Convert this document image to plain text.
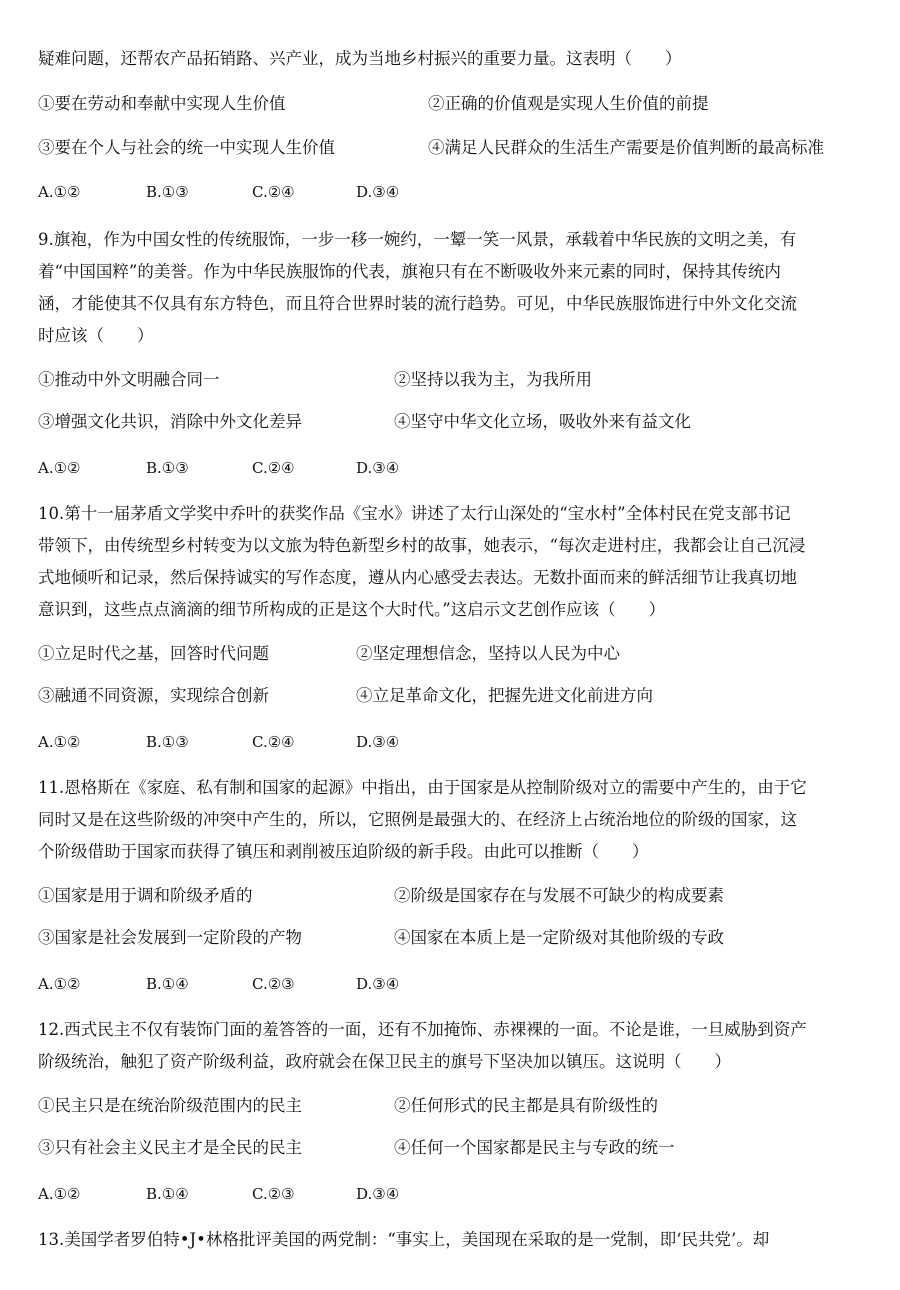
疑难问题，还帮农产品拓销路、兴产业，成为当地乡村振兴的重要力量。这表明（　　）
①要在劳动和奉献中实现人生价值	②正确的价值观是实现人生价值的前提
③要在个人与社会的统一中实现人生价值	④满足人民群众的生活生产需要是价值判断的最高标准
A.①②	B.①③	C.②④	D.③④
9.旗袍，作为中国女性的传统服饰，一步一移一婉约，一颦一笑一风景，承载着中华民族的文明之美，有
着“中国国粹”的美誉。作为中华民族服饰的代表，旗袍只有在不断吸收外来元素的同时，保持其传统内
涵，才能使其不仅具有东方特色，而且符合世界时装的流行趋势。可见，中华民族服饰进行中外文化交流
时应该（　　）
①推动中外文明融合同一	②坚持以我为主，为我所用
③增强文化共识，消除中外文化差异	④坚守中华文化立场，吸收外来有益文化
A.①②	B.①③	C.②④	D.③④
10.第十一届茅盾文学奖中乔叶的获奖作品《宝水》讲述了太行山深处的“宝水村”全体村民在党支部书记
带领下，由传统型乡村转变为以文旅为特色新型乡村的故事，她表示，“每次走进村庄，我都会让自己沉浸
式地倾听和记录，然后保持诚实的写作态度，遵从内心感受去表达。无数扑面而来的鲜活细节让我真切地
意识到，这些点点滴滴的细节所构成的正是这个大时代。”这启示文艺创作应该（　　）
①立足时代之基，回答时代问题	②坚定理想信念，坚持以人民为中心
③融通不同资源，实现综合创新	④立足革命文化，把握先进文化前进方向
A.①②	B.①③	C.②④	D.③④
11.恩格斯在《家庭、私有制和国家的起源》中指出，由于国家是从控制阶级对立的需要中产生的，由于它
同时又是在这些阶级的冲突中产生的，所以，它照例是最强大的、在经济上占统治地位的阶级的国家，这
个阶级借助于国家而获得了镇压和剥削被压迫阶级的新手段。由此可以推断（　　）
①国家是用于调和阶级矛盾的	②阶级是国家存在与发展不可缺少的构成要素
③国家是社会发展到一定阶段的产物	④国家在本质上是一定阶级对其他阶级的专政
A.①②	B.①④	C.②③	D.③④
12.西式民主不仅有装饰门面的羞答答的一面，还有不加掩饰、赤裸裸的一面。不论是谁，一旦威胁到资产
阶级统治，触犯了资产阶级利益，政府就会在保卫民主的旗号下坚决加以镇压。这说明（　　）
①民主只是在统治阶级范围内的民主	②任何形式的民主都是具有阶级性的
③只有社会主义民主才是全民的民主	④任何一个国家都是民主与专政的统一
A.①②	B.①④	C.②③	D.③④
13.美国学者罗伯特•J•林格批评美国的两党制：“事实上，美国现在采取的是一党制，即‘民共党’。却
